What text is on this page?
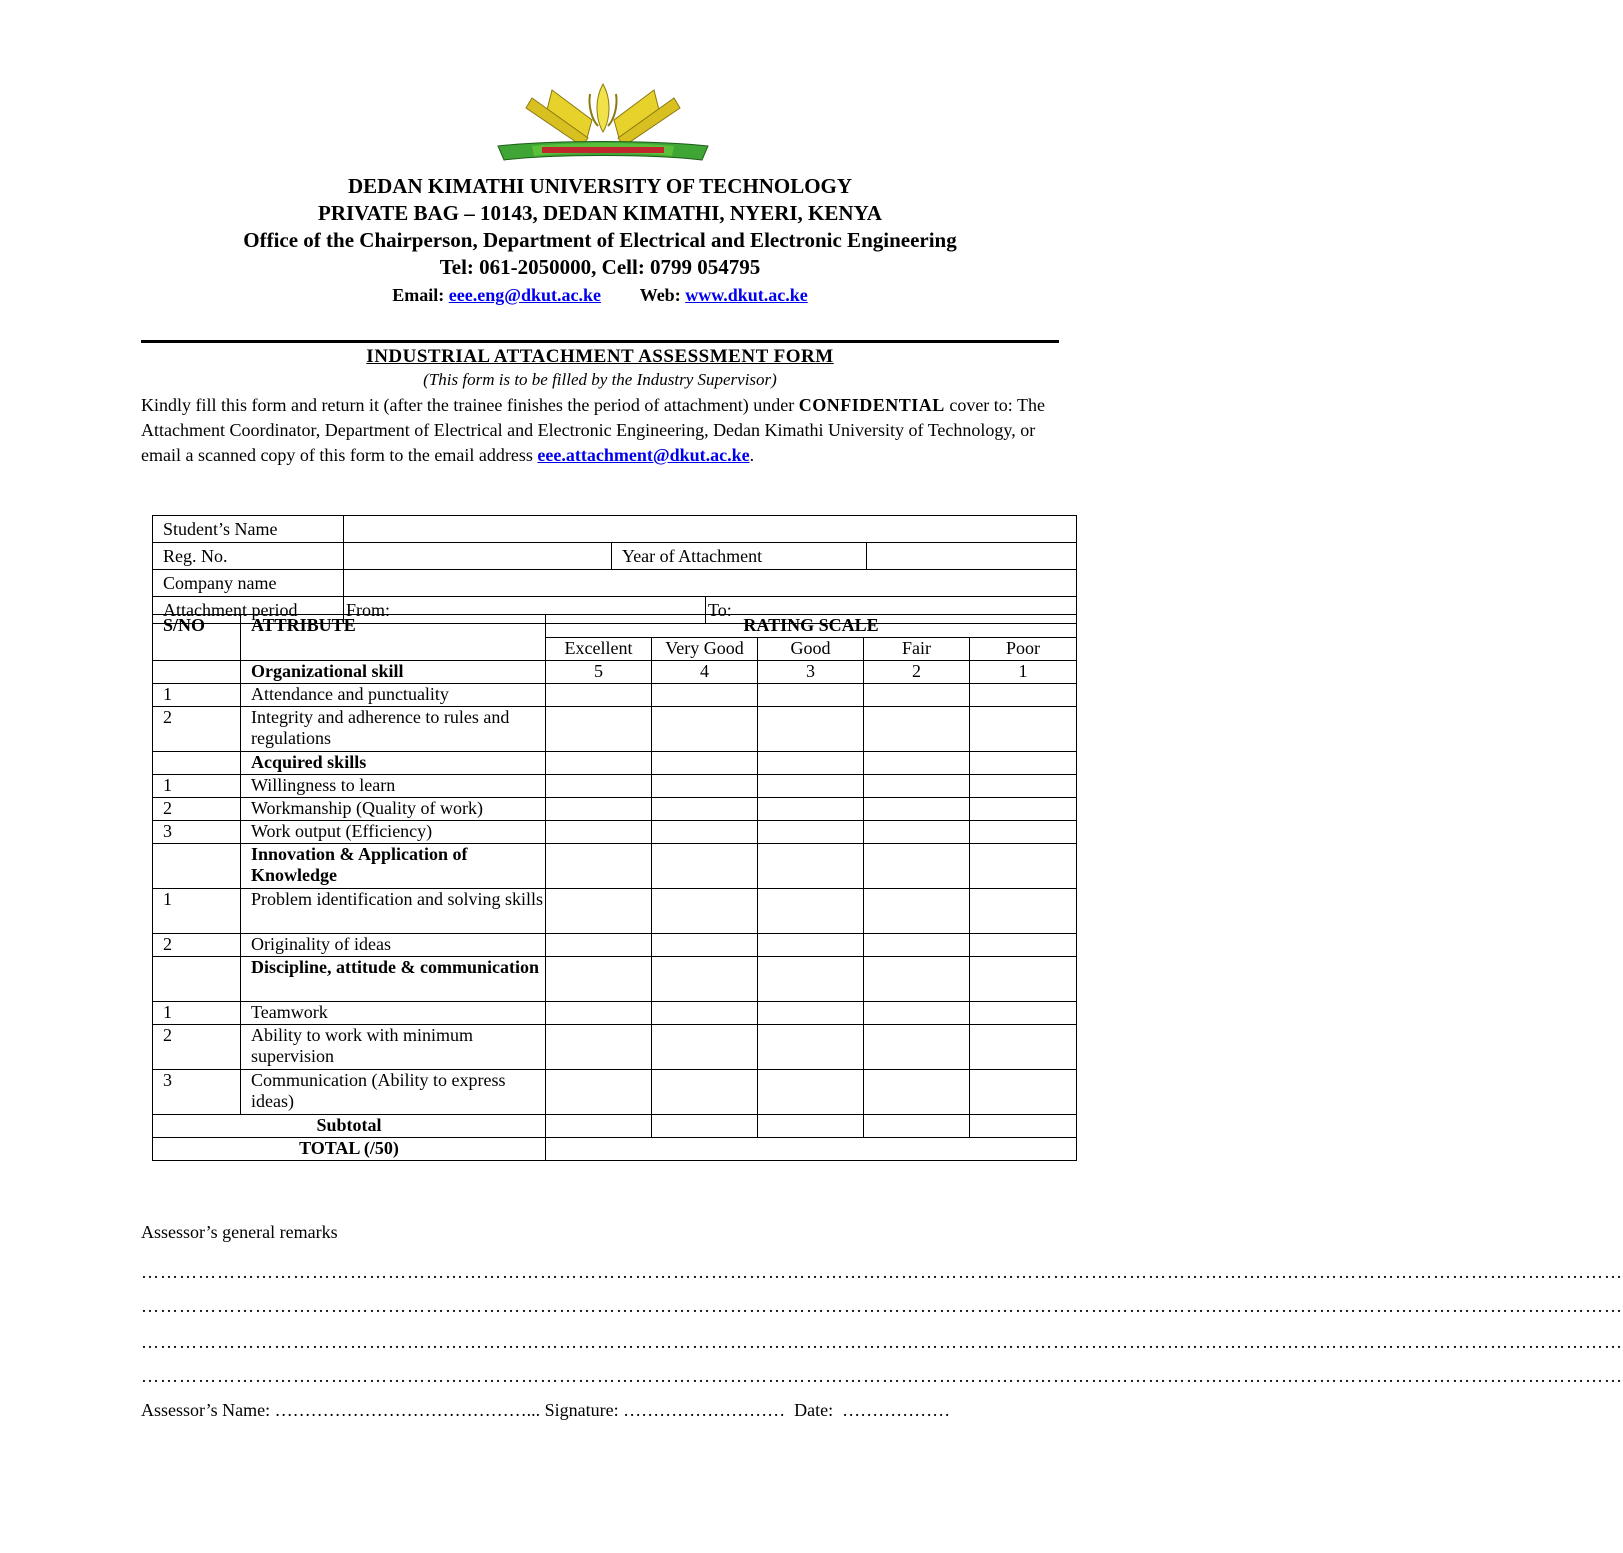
DEDAN KIMATHI UNIVERSITY OF TECHNOLOGY
PRIVATE BAG – 10143, DEDAN KIMATHI, NYERI, KENYA
Office of the Chairperson, Department of Electrical and Electronic Engineering
Tel: 061-2050000, Cell: 0799 054795
Email: eee.eng@dkut.ac.ke Web: www.dkut.ac.ke
INDUSTRIAL ATTACHMENT ASSESSMENT FORM
(This form is to be filled by the Industry Supervisor)
Kindly fill this form and return it (after the trainee finishes the period of attachment) under CONFIDENTIAL cover to: The Attachment Coordinator, Department of Electrical and Electronic Engineering, Dedan Kimathi University of Technology, or email a scanned copy of this form to the email address eee.attachment@dkut.ac.ke.
Student’s Name				
Reg. No.		Year of Attachment		
Company name				
Attachment period	From:		To:	
S/NO	ATTRIBUTE	RATING SCALE				
		Excellent	Very Good	Good	Fair	Poor
	Organizational skill	5	4	3	2	1
1	Attendance and punctuality					
2	Integrity and adherence to rules and regulations					
	Acquired skills					
1	Willingness to learn					
2	Workmanship (Quality of work)					
3	Work output (Efficiency)					
	Innovation & Application of Knowledge					
1	Problem identification and solving skills					
2	Originality of ideas					
	Discipline, attitude & communication					
1	Teamwork					
2	Ability to work with minimum supervision					
3	Communication (Ability to express ideas)					
Subtotal						
TOTAL (/50)						
Assessor’s general remarks
………………………………………………………………………………………………………………………………………………………………………………………………………………
………………………………………………………………………………………………………………………………………………………………………………………………………………
………………………………………………………………………………………………………………………………………………………………………………………………………………
………………………………………………………………………………………………………………………………………………………………………………………………………………
Assessor’s Name: ……………………………………... Signature: ………………………  Date:  ………………
